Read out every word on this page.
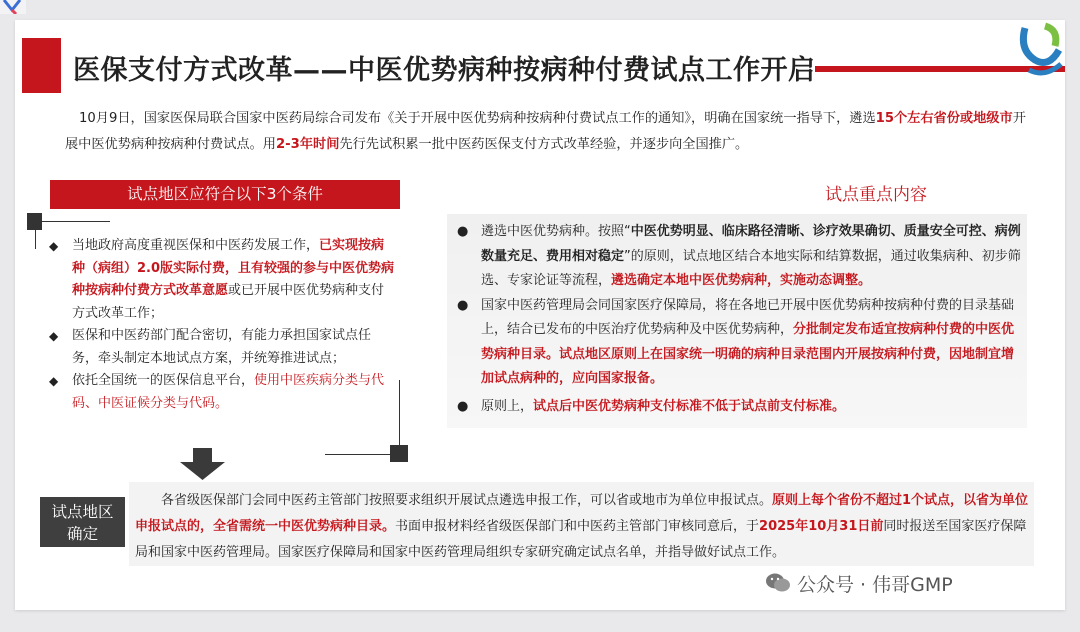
医保支付方式改革——中医优势病种按病种付费试点工作开启
10月9日，国家医保局联合国家中医药局综合司发布《关于开展中医优势病种按病种付费试点工作的通知》，明确在国家统一指导下，遴选15个左右省份或地级市开展中医优势病种按病种付费试点。用2-3年时间先行先试积累一批中医药医保支付方式改革经验，并逐步向全国推广。
试点地区应符合以下3个条件
◆ 当地政府高度重视医保和中医药发展工作，已实现按病种（病组）2.0版实际付费，且有较强的参与中医优势病种按病种付费方式改革意愿或已开展中医优势病种支付方式改革工作；
◆ 医保和中医药部门配合密切，有能力承担国家试点任务，牵头制定本地试点方案，并统筹推进试点；
◆ 依托全国统一的医保信息平台，使用中医疾病分类与代码、中医证候分类与代码。
试点重点内容
● 遴选中医优势病种。按照“中医优势明显、临床路径清晰、诊疗效果确切、质量安全可控、病例数量充足、费用相对稳定”的原则，试点地区结合本地实际和结算数据，通过收集病种、初步筛选、专家论证等流程，遴选确定本地中医优势病种，实施动态调整。
● 国家中医药管理局会同国家医疗保障局，将在各地已开展中医优势病种按病种付费的目录基础上，结合已发布的中医治疗优势病种及中医优势病种，分批制定发布适宜按病种付费的中医优势病种目录。试点地区原则上在国家统一明确的病种目录范围内开展按病种付费，因地制宜增加试点病种的，应向国家报备。
● 原则上，试点后中医优势病种支付标准不低于试点前支付标准。
试点地区
确定
各省级医保部门会同中医药主管部门按照要求组织开展试点遴选申报工作，可以省或地市为单位申报试点。原则上每个省份不超过1个试点，以省为单位申报试点的，全省需统一中医优势病种目录。书面申报材料经省级医保部门和中医药主管部门审核同意后，于2025年10月31日前同时报送至国家医疗保障局和国家中医药管理局。国家医疗保障局和国家中医药管理局组织专家研究确定试点名单，并指导做好试点工作。
公众号 · 伟哥GMP
